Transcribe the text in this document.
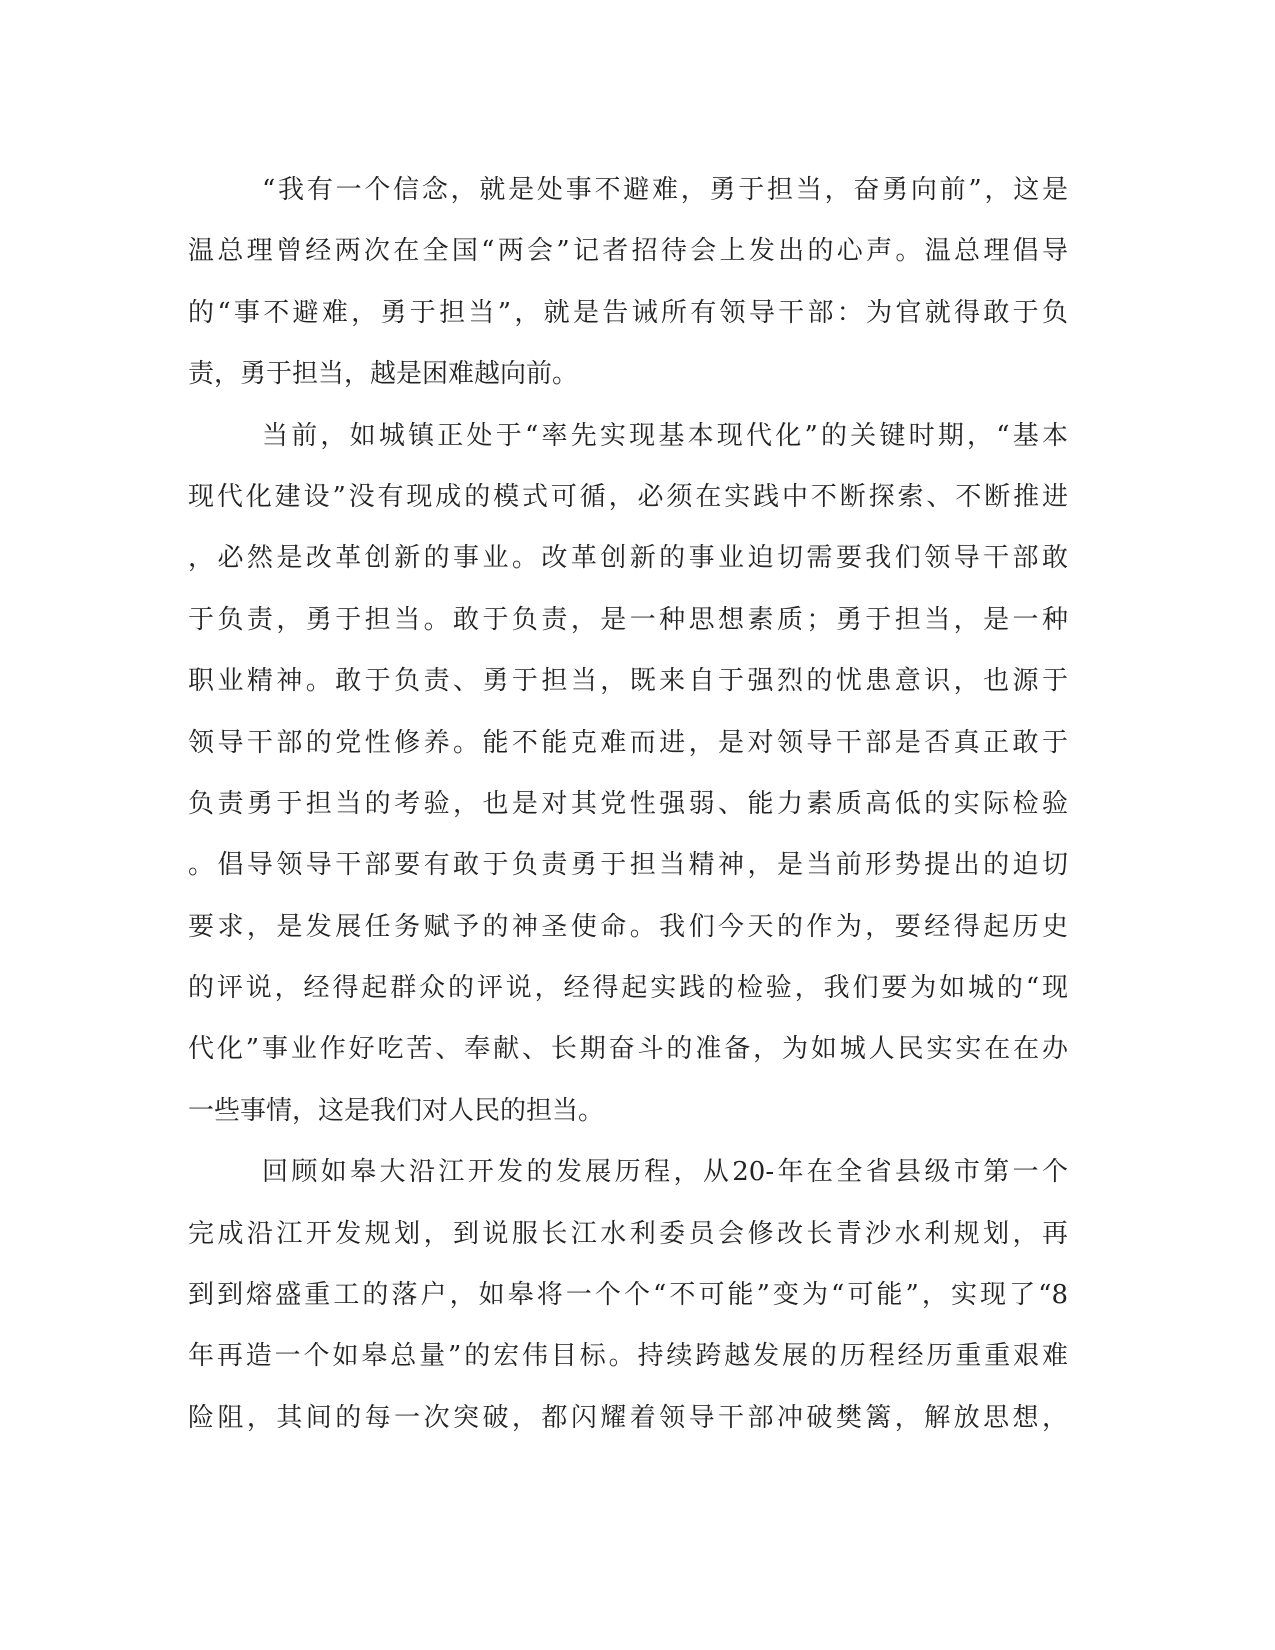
“我有一个信念，就是处事不避难，勇于担当，奋勇向前”，这是
温总理曾经两次在全国“两会”记者招待会上发出的心声。温总理倡导
的“事不避难，勇于担当”，就是告诫所有领导干部：为官就得敢于负
责，勇于担当，越是困难越向前。
当前，如城镇正处于“率先实现基本现代化”的关键时期，“基本
现代化建设”没有现成的模式可循，必须在实践中不断探索、不断推进
，必然是改革创新的事业。改革创新的事业迫切需要我们领导干部敢
于负责，勇于担当。敢于负责，是一种思想素质；勇于担当，是一种
职业精神。敢于负责、勇于担当，既来自于强烈的忧患意识，也源于
领导干部的党性修养。能不能克难而进，是对领导干部是否真正敢于
负责勇于担当的考验，也是对其党性强弱、能力素质高低的实际检验
。倡导领导干部要有敢于负责勇于担当精神，是当前形势提出的迫切
要求，是发展任务赋予的神圣使命。我们今天的作为，要经得起历史
的评说，经得起群众的评说，经得起实践的检验，我们要为如城的“现
代化”事业作好吃苦、奉献、长期奋斗的准备，为如城人民实实在在办
一些事情，这是我们对人民的担当。
回顾如皋大沿江开发的发展历程，从20-年在全省县级市第一个
完成沿江开发规划，到说服长江水利委员会修改长青沙水利规划，再
到到熔盛重工的落户，如皋将一个个“不可能”变为“可能”，实现了“8
年再造一个如皋总量”的宏伟目标。持续跨越发展的历程经历重重艰难
险阻，其间的每一次突破，都闪耀着领导干部冲破樊篱，解放思想，
